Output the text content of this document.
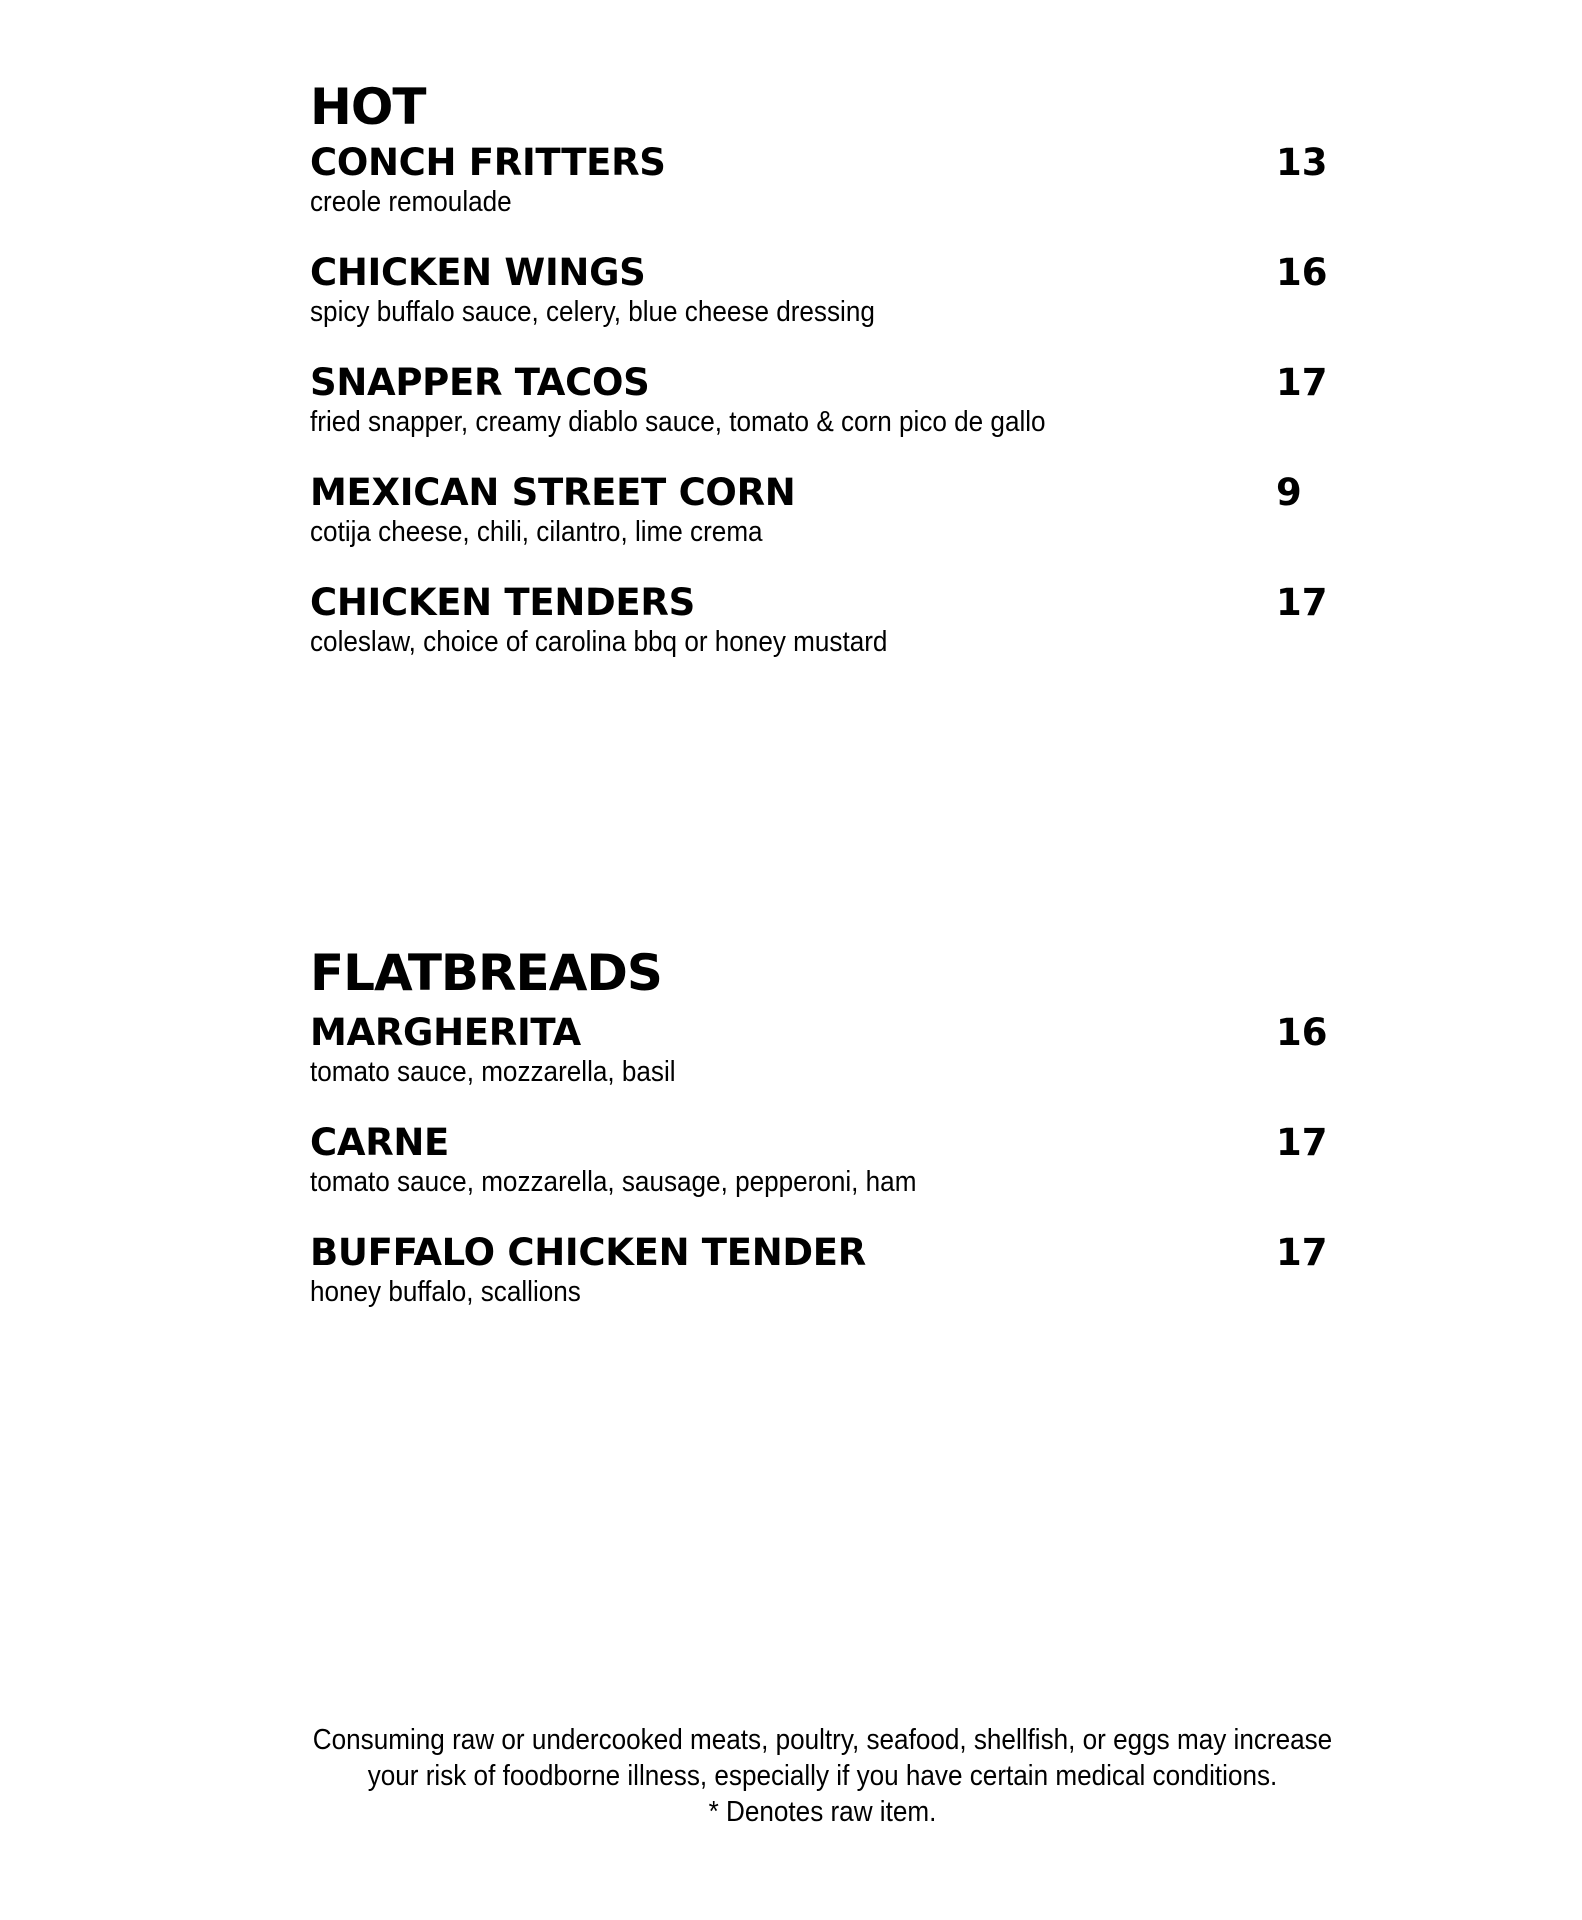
HOT
CONCH FRITTERS	13
creole remoulade
CHICKEN WINGS	16
spicy buffalo sauce, celery, blue cheese dressing
SNAPPER TACOS	17
fried snapper, creamy diablo sauce, tomato & corn pico de gallo
MEXICAN STREET CORN	9
cotija cheese, chili, cilantro, lime crema
CHICKEN TENDERS	17
coleslaw, choice of carolina bbq or honey mustard
FLATBREADS
MARGHERITA	16
tomato sauce, mozzarella, basil
CARNE	17
tomato sauce, mozzarella, sausage, pepperoni, ham
BUFFALO CHICKEN TENDER	17
honey buffalo, scallions
Consuming raw or undercooked meats, poultry, seafood, shellfish, or eggs may increase
your risk of foodborne illness, especially if you have certain medical conditions.
* Denotes raw item.
